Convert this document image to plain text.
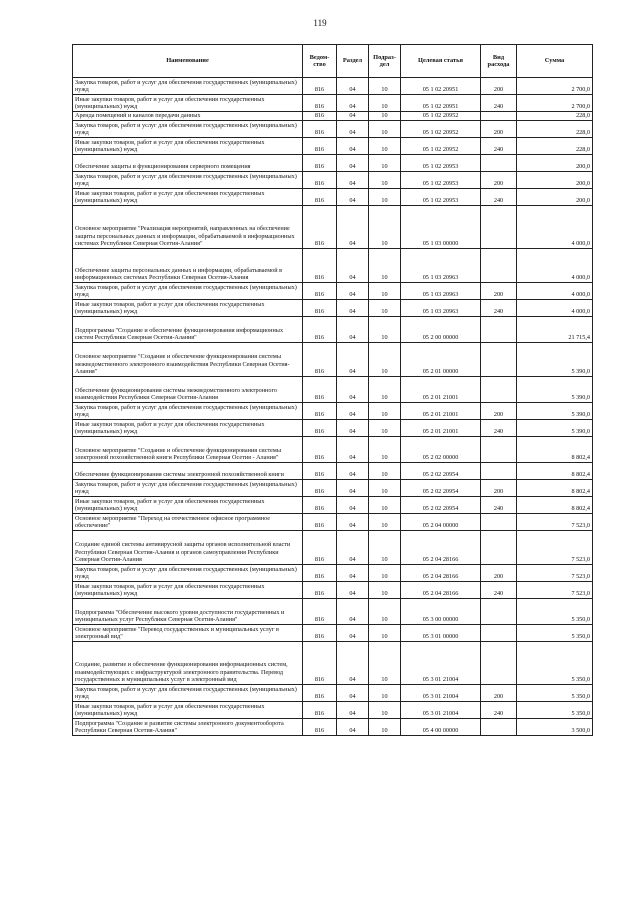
119
Наименование	Ведом-ство	Раздел	Подраз-дел	Целевая статья	Вид расхода	Сумма
Закупка товаров, работ и услуг для обеспечения государственных (муниципальных) нужд	816	04	10	05 1 02 20951	200	2 700,0
Иные закупки товаров, работ и услуг для обеспечения государственных (муниципальных) нужд	816	04	10	05 1 02 20951	240	2 700,0
Аренда помещений и каналов передачи данных	816	04	10	05 1 02 20952		228,0
Закупка товаров, работ и услуг для обеспечения государственных (муниципальных) нужд	816	04	10	05 1 02 20952	200	228,0
Иные закупки товаров, работ и услуг для обеспечения государственных (муниципальных) нужд	816	04	10	05 1 02 20952	240	228,0
Обеспечение защиты и функционирования серверного помещения	816	04	10	05 1 02 20953		200,0
Закупка товаров, работ и услуг для обеспечения государственных (муниципальных) нужд	816	04	10	05 1 02 20953	200	200,0
Иные закупки товаров, работ и услуг для обеспечения государственных (муниципальных) нужд	816	04	10	05 1 02 20953	240	200,0
Основное мероприятие "Реализация мероприятий, направленных на обеспечение защиты персональных данных и информации, обрабатываемой в информационных системах Республики Северная Осетия-Алания"	816	04	10	05 1 03 00000		4 000,0
Обеспечение защиты персональных данных и информации, обрабатываемой в информационных системах Республики Северная Осетия-Алания	816	04	10	05 1 03 20963		4 000,0
Закупка товаров, работ и услуг для обеспечения государственных (муниципальных) нужд	816	04	10	05 1 03 20963	200	4 000,0
Иные закупки товаров, работ и услуг для обеспечения государственных (муниципальных) нужд	816	04	10	05 1 03 20963	240	4 000,0
Подпрограмма "Создание и обеспечение функционирования информационных систем Республики Северная Осетия-Алания"	816	04	10	05 2 00 00000		21 715,4
Основное мероприятие "Создание и обеспечение функционирования системы межведомственного электронного взаимодействия Республики Северная Осетия-Алания"	816	04	10	05 2 01 00000		5 390,0
Обеспечение функционирования системы межведомственного электронного взаимодействия Республики Северная Осетия-Алания	816	04	10	05 2 01 21001		5 390,0
Закупка товаров, работ и услуг для обеспечения государственных (муниципальных) нужд	816	04	10	05 2 01 21001	200	5 390,0
Иные закупки товаров, работ и услуг для обеспечения государственных (муниципальных) нужд	816	04	10	05 2 01 21001	240	5 390,0
Основное мероприятие "Создание и обеспечение функционирования системы электронной похозяйственной книги Республики Северная Осетия - Алания"	816	04	10	05 2 02 00000		8 802,4
Обеспечение функционирования системы электронной похозяйственной книги	816	04	10	05 2 02 20954		8 802,4
Закупка товаров, работ и услуг для обеспечения государственных (муниципальных) нужд	816	04	10	05 2 02 20954	200	8 802,4
Иные закупки товаров, работ и услуг для обеспечения государственных (муниципальных) нужд	816	04	10	05 2 02 20954	240	8 802,4
Основное мероприятие "Переход на отечественное офисное программное обеспечение"	816	04	10	05 2 04 00000		7 523,0
Создание единой системы антивирусной защиты органов исполнительной власти Республики Северная Осетия-Алания и органов самоуправления Республики Северная Осетия-Алания	816	04	10	05 2 04 28166		7 523,0
Закупка товаров, работ и услуг для обеспечения государственных (муниципальных) нужд	816	04	10	05 2 04 28166	200	7 523,0
Иные закупки товаров, работ и услуг для обеспечения государственных (муниципальных) нужд	816	04	10	05 2 04 28166	240	7 523,0
Подпрограмма "Обеспечение высокого уровня доступности государственных и муниципальных услуг Республики Северная Осетия-Алания"	816	04	10	05 3 00 00000		5 350,0
Основное мероприятие "Перевод государственных и муниципальных услуг в электронный вид"	816	04	10	05 3 01 00000		5 350,0
Создание, развитие и обеспечение функционирования информационных систем, взаимодействующих с инфраструктурой электронного правительства. Перевод государственных и муниципальных услуг в электронный вид	816	04	10	05 3 01 21004		5 350,0
Закупка товаров, работ и услуг для обеспечения государственных (муниципальных) нужд	816	04	10	05 3 01 21004	200	5 350,0
Иные закупки товаров, работ и услуг для обеспечения государственных (муниципальных) нужд	816	04	10	05 3 01 21004	240	5 350,0
Подпрограмма "Создание и развитие системы электронного документооборота Республики Северная Осетия-Алания"	816	04	10	05 4 00 00000		3 500,0
